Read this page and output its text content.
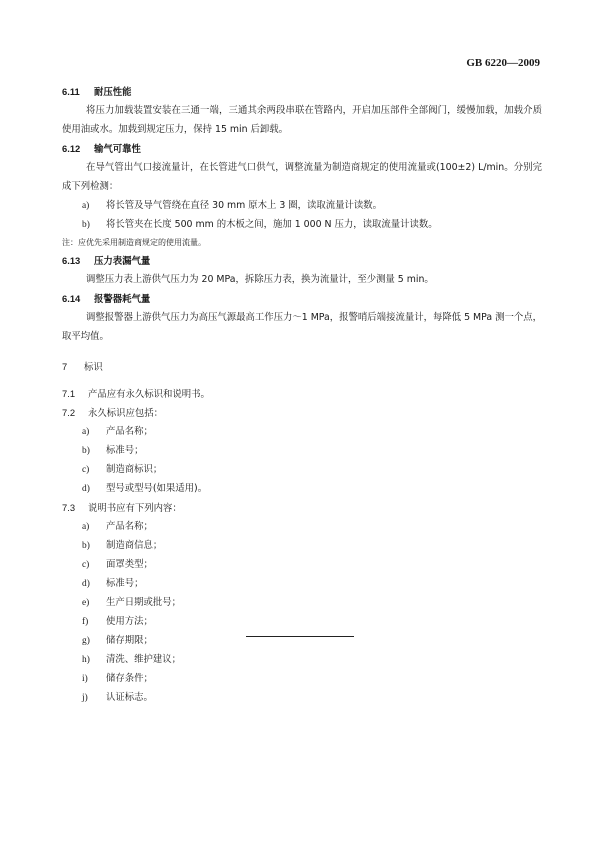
GB 6220—2009
6.11 耐压性能
将压力加载装置安装在三通一端，三通其余两段串联在管路内，开启加压部件全部阀门，缓慢加载，加载介质使用油或水。加载到规定压力，保持 15 min 后卸载。
6.12 输气可靠性
在导气管出气口接流量计，在长管进气口供气，调整流量为制造商规定的使用流量或(100±2) L/min。分别完成下列检测：
a) 将长管及导气管绕在直径 30 mm 原木上 3 圈，读取流量计读数。
b) 将长管夹在长度 500 mm 的木板之间，施加 1 000 N 压力，读取流量计读数。
注：应优先采用制造商规定的使用流量。
6.13 压力表漏气量
调整压力表上游供气压力为 20 MPa，拆除压力表，换为流量计，至少测量 5 min。
6.14 报警器耗气量
调整报警器上游供气压力为高压气源最高工作压力～1 MPa，报警哨后端接流量计，每降低 5 MPa 测一个点，取平均值。
7 标识
7.1 产品应有永久标识和说明书。
7.2 永久标识应包括：
a) 产品名称；
b) 标准号；
c) 制造商标识；
d) 型号或型号(如果适用)。
7.3 说明书应有下列内容：
a) 产品名称；
b) 制造商信息；
c) 面罩类型；
d) 标准号；
e) 生产日期或批号；
f) 使用方法；
g) 储存期限；
h) 清洗、维护建议；
i) 储存条件；
j) 认证标志。
